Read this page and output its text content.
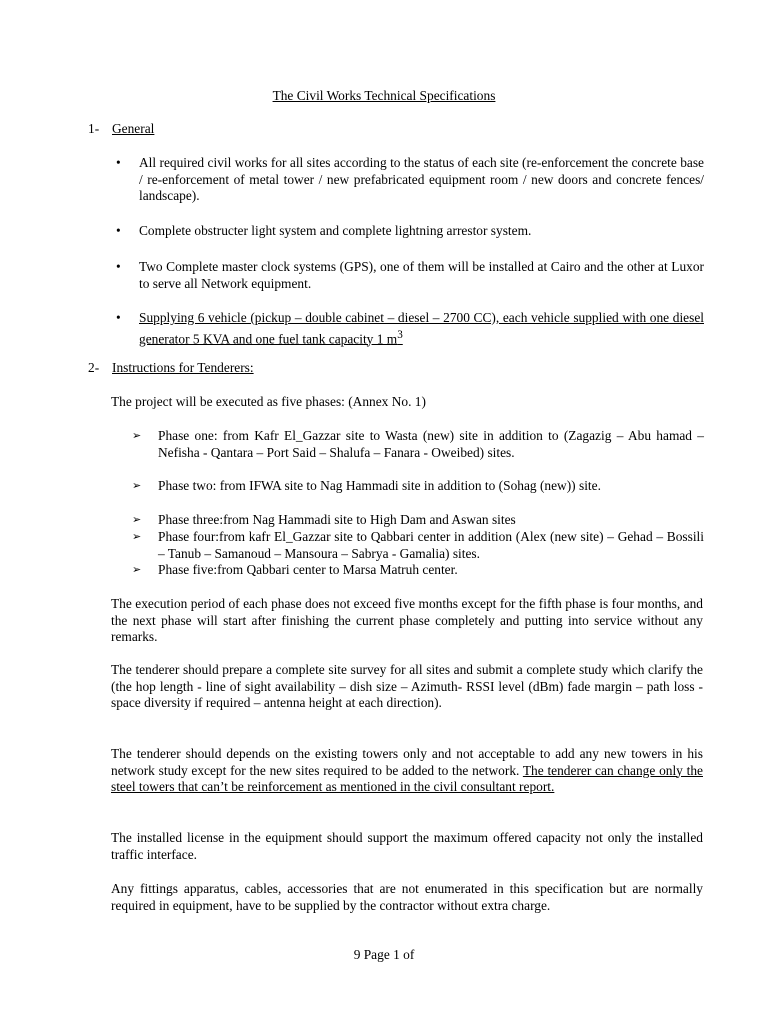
The Civil Works Technical Specifications
1- General
•	All required civil works for all sites according to the status of each site (re-enforcement the concrete base / re-enforcement of metal tower / new prefabricated equipment room / new doors and concrete fences/ landscape).
•	Complete obstructer light system and complete lightning arrestor system.
•	Two Complete master clock systems (GPS), one of them will be installed at Cairo and the other at Luxor to serve all Network equipment.
•	Supplying 6 vehicle (pickup – double cabinet – diesel – 2700 CC), each vehicle supplied with one diesel generator 5 KVA and one fuel tank capacity 1 $m^3$
2- Instructions for Tenderers:
The project will be executed as five phases: (Annex No. 1)
➢	Phase one: from Kafr El_Gazzar site to Wasta (new) site in addition to (Zagazig – Abu hamad – Nefisha - Qantara – Port Said – Shalufa – Fanara - Oweibed) sites.
➢	Phase two: from IFWA site to Nag Hammadi site in addition to (Sohag (new)) site.
➢	Phase three:from Nag Hammadi site to High Dam and Aswan sites
➢	Phase four:from kafr El_Gazzar site to Qabbari center in addition (Alex (new site) – Gehad – Bossili – Tanub – Samanoud – Mansoura – Sabrya - Gamalia) sites.
➢	Phase five:from Qabbari center to Marsa Matruh center.
The execution period of each phase does not exceed five months except for the fifth phase is four months, and the next phase will start after finishing the current phase completely and putting into service without any remarks.
The tenderer should prepare a complete site survey for all sites and submit a complete study which clarify the (the hop length - line of sight availability – dish size – Azimuth- RSSI level (dBm) fade margin – path loss - space diversity if required – antenna height at each direction).
The tenderer should depends on the existing towers only and not acceptable to add any new towers in his network study except for the new sites required to be added to the network. The tenderer can change only the steel towers that can’t be reinforcement as mentioned in the civil consultant report.
The installed license in the equipment should support the maximum offered capacity not only the installed traffic interface.
Any fittings apparatus, cables, accessories that are not enumerated in this specification but are normally required in equipment, have to be supplied by the contractor without extra charge.
9 Page 1 of
